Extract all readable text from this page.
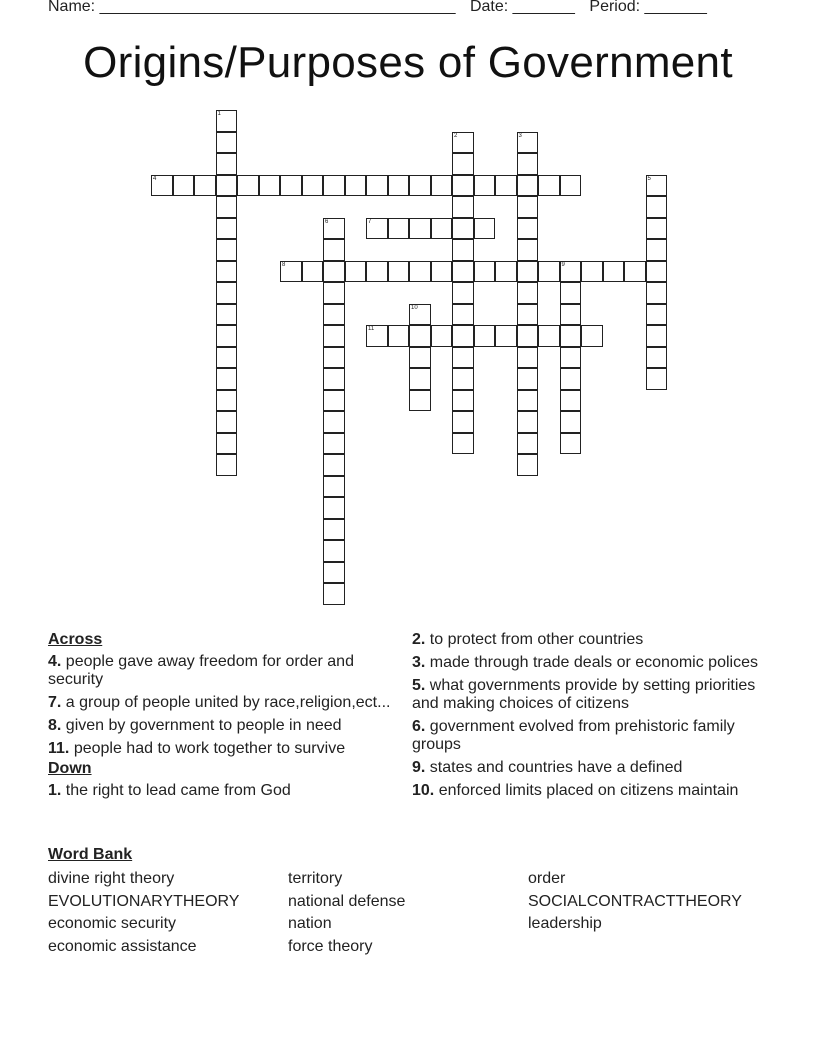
Name: ________________________________________ Date: _______ Period: _______
Origins/Purposes of Government
1
2	3
4	5
6	7
8	9
10
11
Across
4. people gave away freedom for order and security
7. a group of people united by race,religion,ect...
8. given by government to people in need
11. people had to work together to survive
Down
1. the right to lead came from God
2. to protect from other countries
3. made through trade deals or economic polices
5. what governments provide by setting priorities and making choices of citizens
6. government evolved from prehistoric family groups
9. states and countries have a defined
10. enforced limits placed on citizens maintain
Word Bank
divine right theory
EVOLUTIONARYTHEORY
economic security
economic assistance
territory
national defense
nation
force theory
order
SOCIALCONTRACTTHEORY
leadership
